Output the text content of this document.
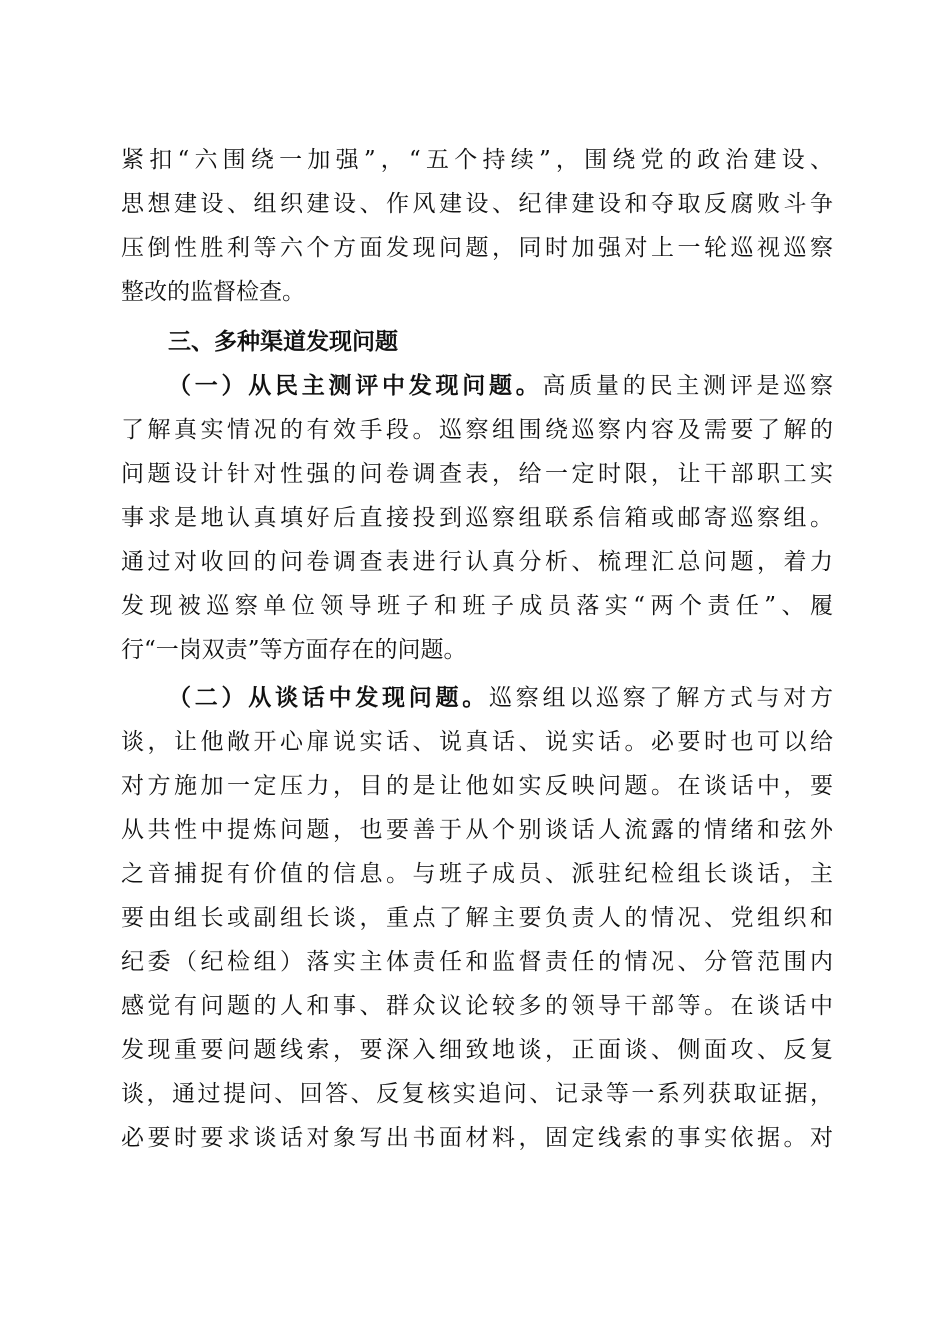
紧扣“六围绕一加强”，“五个持续”，围绕党的政治建设、
思想建设、组织建设、作风建设、纪律建设和夺取反腐败斗争
压倒性胜利等六个方面发现问题，同时加强对上一轮巡视巡察
整改的监督检查。
三、多种渠道发现问题
（一）从民主测评中发现问题。高质量的民主测评是巡察
了解真实情况的有效手段。巡察组围绕巡察内容及需要了解的
问题设计针对性强的问卷调查表，给一定时限，让干部职工实
事求是地认真填好后直接投到巡察组联系信箱或邮寄巡察组。
通过对收回的问卷调查表进行认真分析、梳理汇总问题，着力
发现被巡察单位领导班子和班子成员落实“两个责任”、履
行“一岗双责”等方面存在的问题。
（二）从谈话中发现问题。巡察组以巡察了解方式与对方
谈，让他敞开心扉说实话、说真话、说实话。必要时也可以给
对方施加一定压力，目的是让他如实反映问题。在谈话中，要
从共性中提炼问题，也要善于从个别谈话人流露的情绪和弦外
之音捕捉有价值的信息。与班子成员、派驻纪检组长谈话，主
要由组长或副组长谈，重点了解主要负责人的情况、党组织和
纪委（纪检组）落实主体责任和监督责任的情况、分管范围内
感觉有问题的人和事、群众议论较多的领导干部等。在谈话中
发现重要问题线索，要深入细致地谈，正面谈、侧面攻、反复
谈，通过提问、回答、反复核实追问、记录等一系列获取证据，
必要时要求谈话对象写出书面材料，固定线索的事实依据。对
